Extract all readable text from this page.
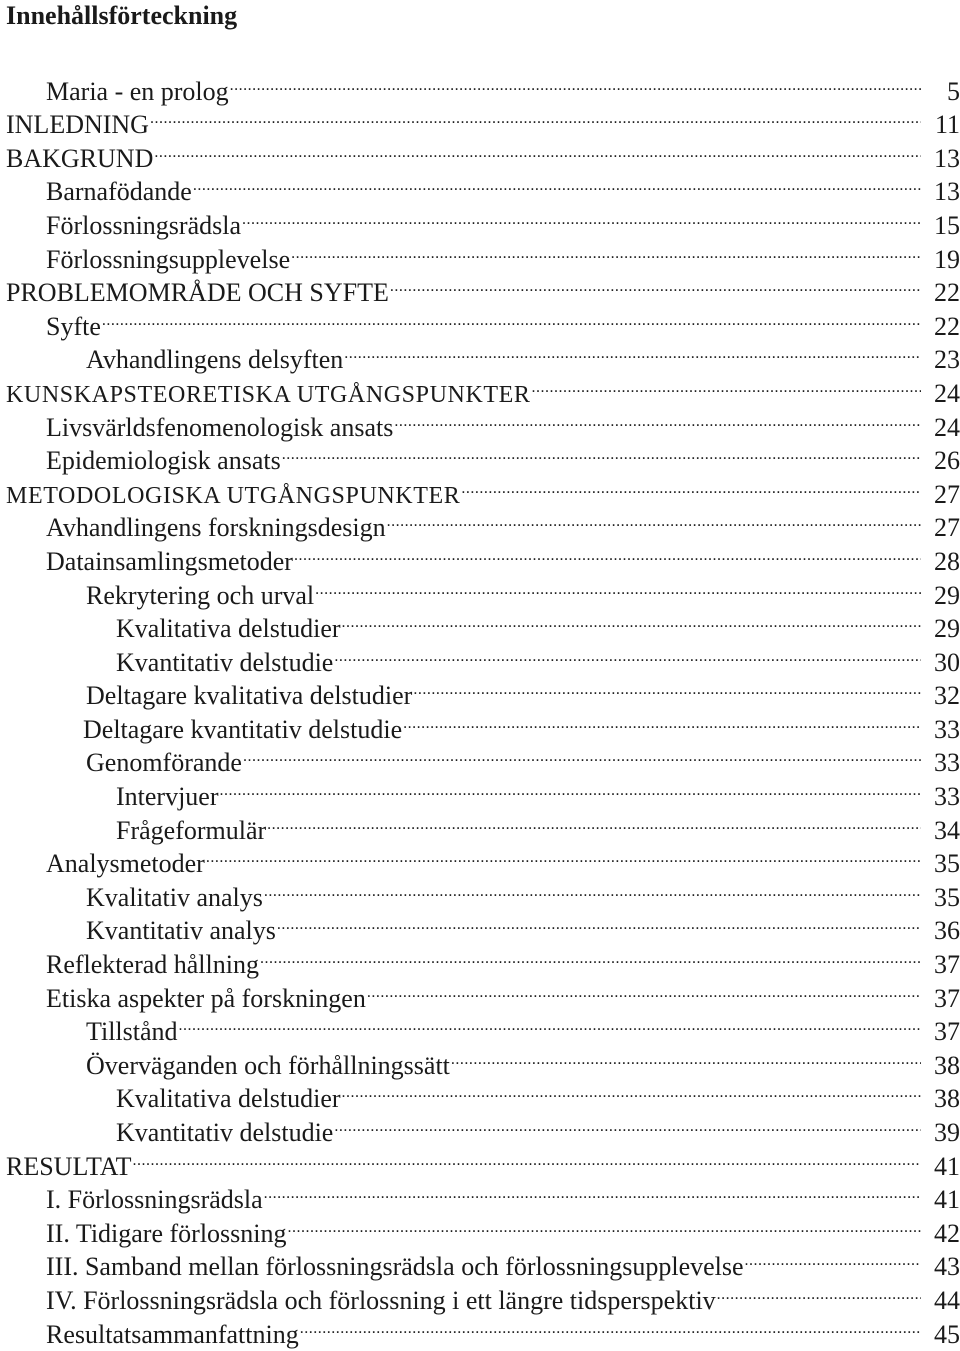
Innehållsförteckning
Maria - en prolog .....	5
INLEDNING .....	11
BAKGRUND .....	13
Barnafödande .....	13
Förlossningsrädsla .....	15
Förlossningsupplevelse .....	19
PROBLEMOMRÅDE OCH SYFTE .....	22
Syfte .....	22
Avhandlingens delsyften .....	23
KUNSKAPSTEORETISKA UTGÅNGSPUNKTER .....	24
Livsvärldsfenomenologisk ansats .....	24
Epidemiologisk ansats .....	26
METODOLOGISKA UTGÅNGSPUNKTER .....	27
Avhandlingens forskningsdesign .....	27
Datainsamlingsmetoder .....	28
Rekrytering och urval .....	29
Kvalitativa delstudier .....	29
Kvantitativ delstudie .....	30
Deltagare kvalitativa delstudier .....	32
Deltagare kvantitativ delstudie .....	33
Genomförande .....	33
Intervjuer .....	33
Frågeformulär .....	34
Analysmetoder .....	35
Kvalitativ analys .....	35
Kvantitativ analys .....	36
Reflekterad hållning .....	37
Etiska aspekter på forskningen .....	37
Tillstånd .....	37
Överväganden och förhållningssätt .....	38
Kvalitativa delstudier .....	38
Kvantitativ delstudie .....	39
RESULTAT .....	41
I. Förlossningsrädsla .....	41
II. Tidigare förlossning .....	42
III. Samband mellan förlossningsrädsla och förlossningsupplevelse .....	43
IV. Förlossningsrädsla och förlossning i ett längre tidsperspektiv .....	44
Resultatsammanfattning .....	45
